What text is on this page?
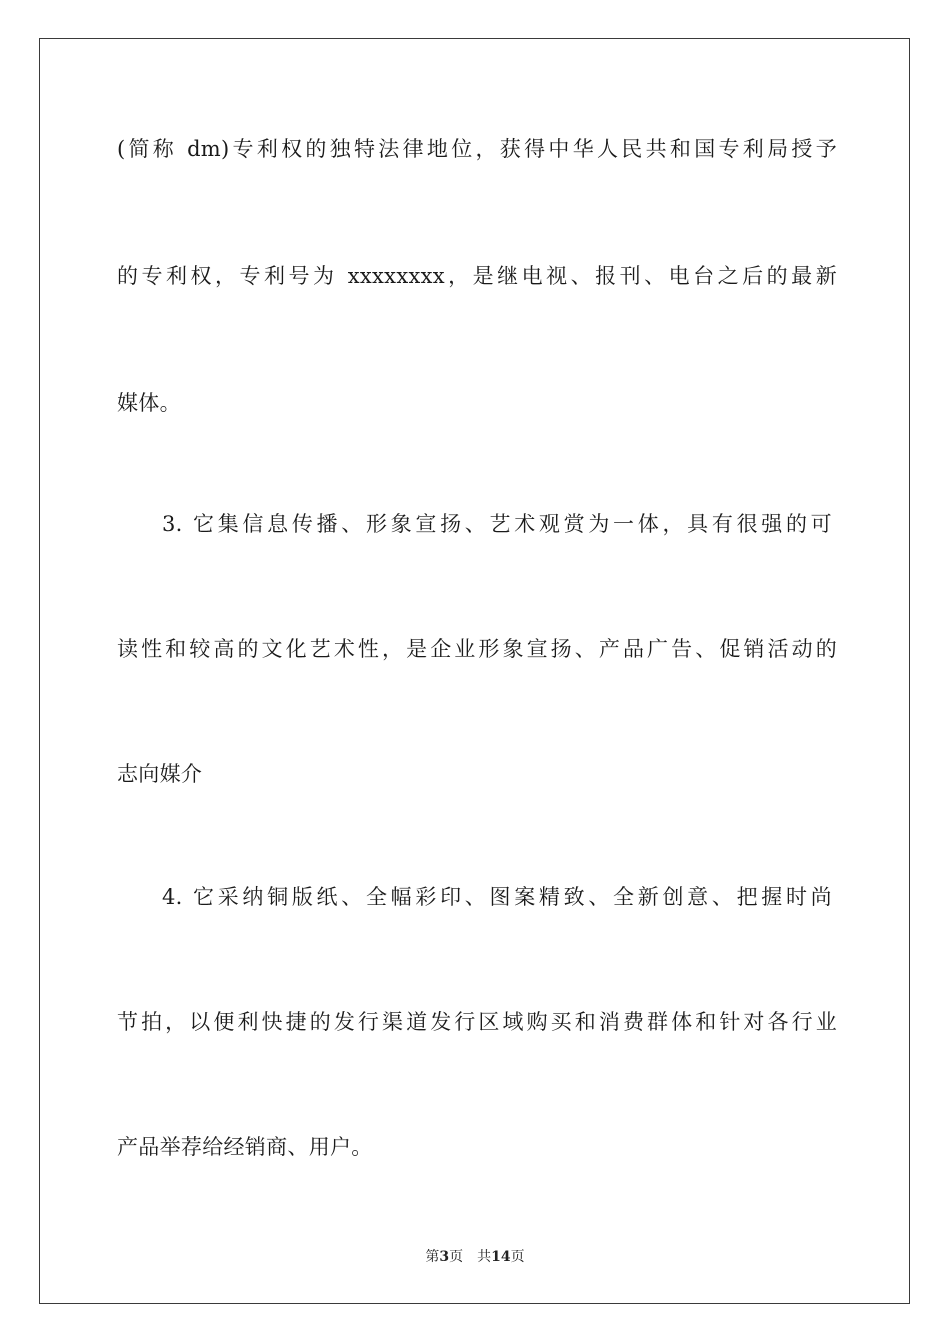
(简称 dm)专利权的独特法律地位，获得中华人民共和国专利局授予
的专利权，专利号为 xxxxxxxx，是继电视、报刊、电台之后的最新
媒体。
3. 它集信息传播、形象宣扬、艺术观赏为一体，具有很强的可
读性和较高的文化艺术性，是企业形象宣扬、产品广告、促销活动的
志向媒介
4. 它采纳铜版纸、全幅彩印、图案精致、全新创意、把握时尚
节拍，以便利快捷的发行渠道发行区域购买和消费群体和针对各行业
产品举荐给经销商、用户。
第3页 共14页
